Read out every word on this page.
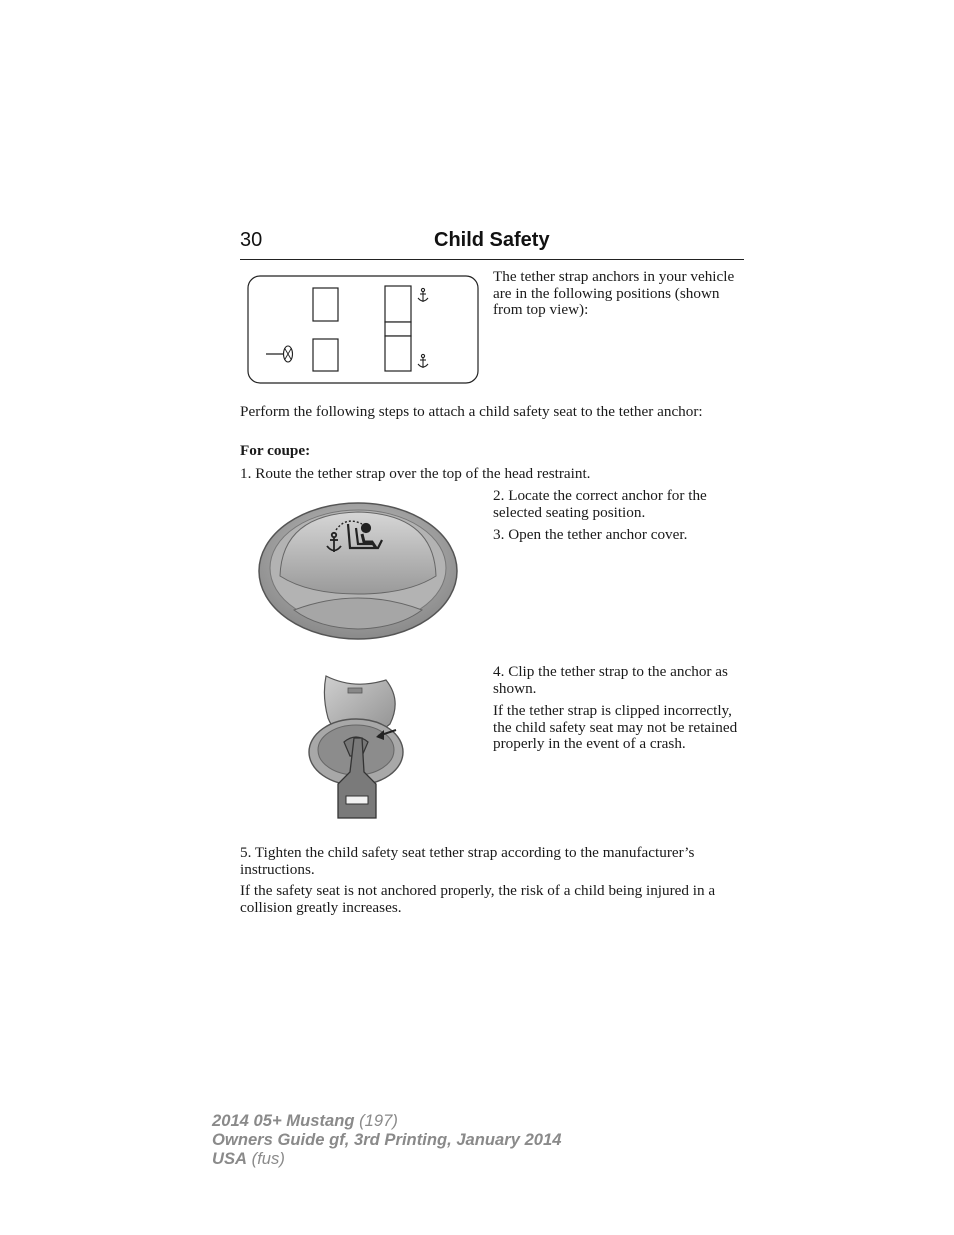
30	Child Safety

The tether strap anchors in your vehicle are in the following positions (shown from top view):

Perform the following steps to attach a child safety seat to the tether anchor:

For coupe:

1. Route the tether strap over the top of the head restraint.

2. Locate the correct anchor for the selected seating position.

3. Open the tether anchor cover.

4. Clip the tether strap to the anchor as shown.

If the tether strap is clipped incorrectly, the child safety seat may not be retained properly in the event of a crash.

5. Tighten the child safety seat tether strap according to the manufacturer’s instructions.

If the safety seat is not anchored properly, the risk of a child being injured in a collision greatly increases.

2014 05+ Mustang (197)
Owners Guide gf, 3rd Printing, January 2014
USA (fus)
